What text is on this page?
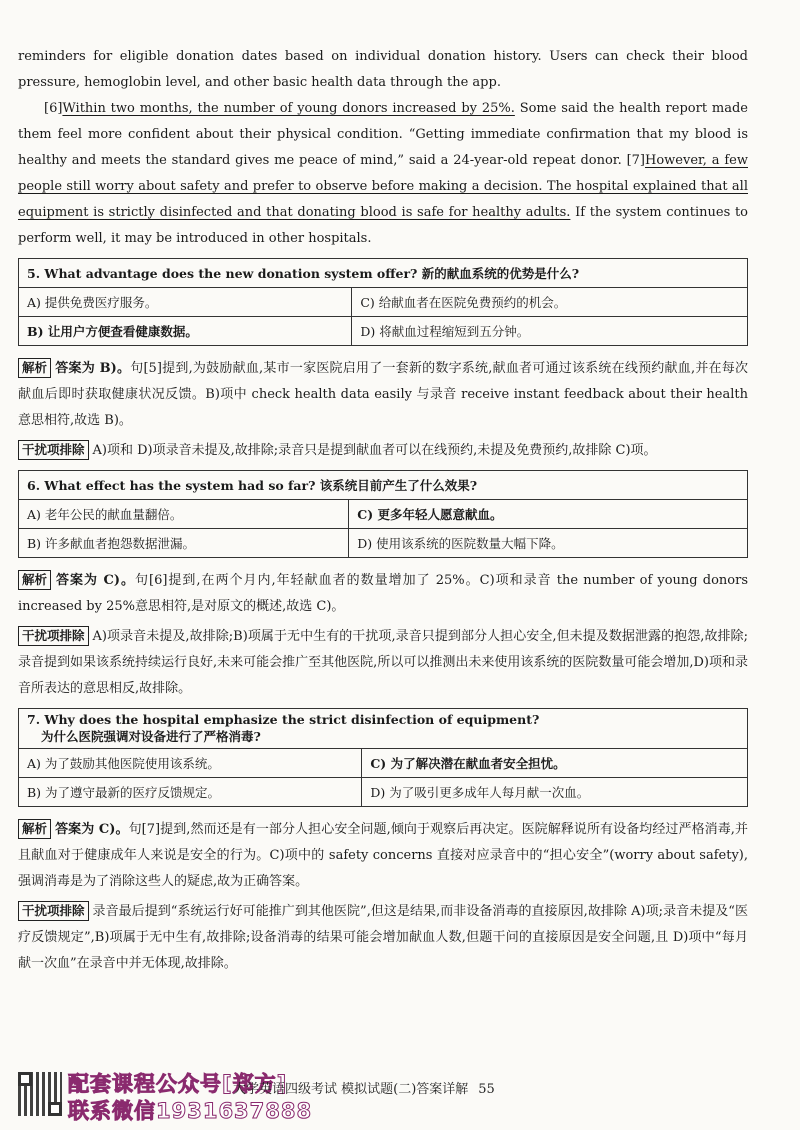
reminders for eligible donation dates based on individual donation history. Users can check their blood pressure, hemoglobin level, and other basic health data through the app.

[6]Within two months, the number of young donors increased by 25%. Some said the health report made them feel more confident about their physical condition. “Getting immediate confirmation that my blood is healthy and meets the standard gives me peace of mind,” said a 24-year-old repeat donor. [7]However, a few people still worry about safety and prefer to observe before making a decision. The hospital explained that all equipment is strictly disinfected and that donating blood is safe for healthy adults. If the system continues to perform well, it may be introduced in other hospitals.

5. What advantage does the new donation system offer? 新的献血系统的优势是什么?	
A) 提供免费医疗服务。	C) 给献血者在医院免费预约的机会。
B) 让用户方便查看健康数据。	D) 将献血过程缩短到五分钟。

解析 答案为 B)。句[5]提到,为鼓励献血,某市一家医院启用了一套新的数字系统,献血者可通过该系统在线预约献血,并在每次献血后即时获取健康状况反馈。B)项中 check health data easily 与录音 receive instant feedback about their health 意思相符,故选 B)。

干扰项排除 A)项和 D)项录音未提及,故排除;录音只是提到献血者可以在线预约,未提及免费预约,故排除 C)项。

6. What effect has the system had so far? 该系统目前产生了什么效果?	
A) 老年公民的献血量翻倍。	C) 更多年轻人愿意献血。
B) 许多献血者抱怨数据泄漏。	D) 使用该系统的医院数量大幅下降。

解析 答案为 C)。句[6]提到,在两个月内,年轻献血者的数量增加了 25%。C)项和录音 the number of young donors increased by 25%意思相符,是对原文的概述,故选 C)。

干扰项排除 A)项录音未提及,故排除;B)项属于无中生有的干扰项,录音只提到部分人担心安全,但未提及数据泄露的抱怨,故排除;录音提到如果该系统持续运行良好,未来可能会推广至其他医院,所以可以推测出未来使用该系统的医院数量可能会增加,D)项和录音所表达的意思相反,故排除。

7. Why does the hospital emphasize the strict disinfection of equipment?
为什么医院强调对设备进行了严格消毒?	

A) 为了鼓励其他医院使用该系统。	C) 为了解决潜在献血者安全担忧。
B) 为了遵守最新的医疗反馈规定。	D) 为了吸引更多成年人每月献一次血。

解析 答案为 C)。句[7]提到,然而还是有一部分人担心安全问题,倾向于观察后再决定。医院解释说所有设备均经过严格消毒,并且献血对于健康成年人来说是安全的行为。C)项中的 safety concerns 直接对应录音中的“担心安全”(worry about safety),强调消毒是为了消除这些人的疑虑,故为正确答案。

干扰项排除 录音最后提到“系统运行好可能推广到其他医院”,但这是结果,而非设备消毒的直接原因,故排除 A)项;录音未提及“医疗反馈规定”,B)项属于无中生有,故排除;设备消毒的结果可能会增加献血人数,但题干问的直接原因是安全问题,且 D)项中“每月献一次血”在录音中并无体现,故排除。

配套课程公众号[郑方]
联系微信1931637888
大学英语四级考试 模拟试题(二)答案详解 55
